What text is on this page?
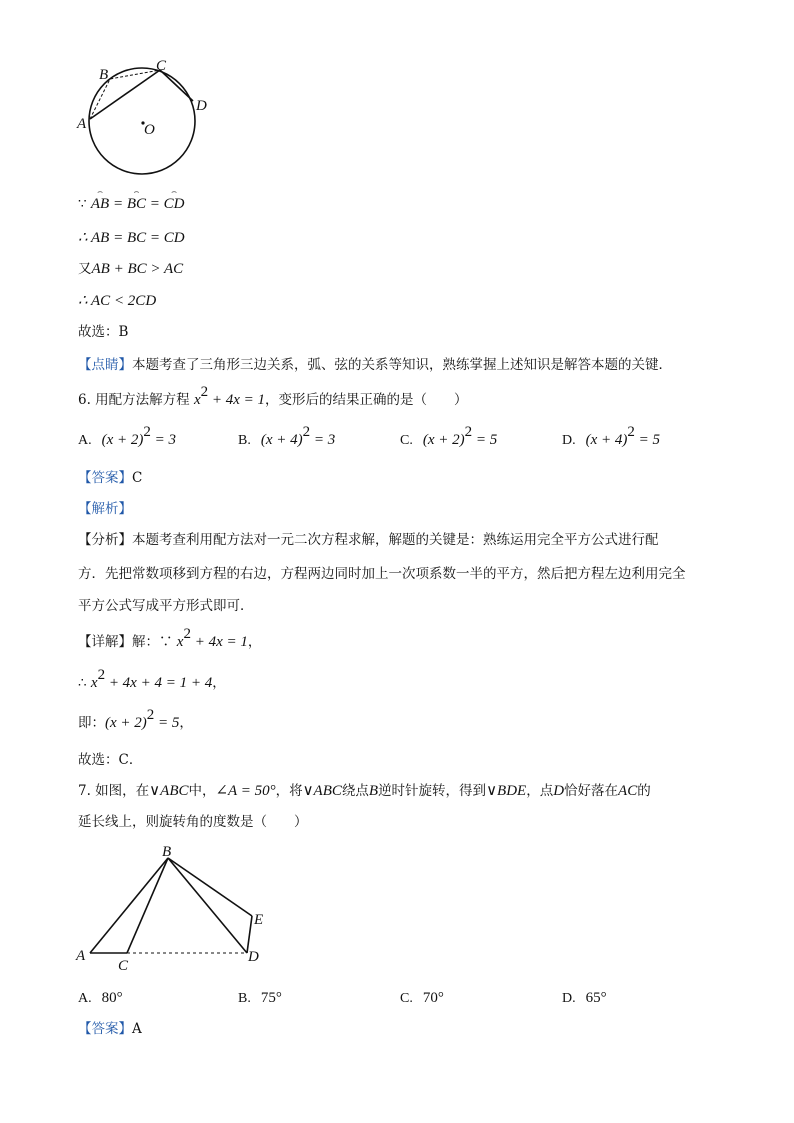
A
B
C
D
O
∵
⌢
AB =
⌢
BC =
⌢
CD
∴ AB = BC = CD
又AB + BC > AC
∴ AC < 2CD
故选：B
【点睛】本题考查了三角形三边关系，弧、弦的关系等知识，熟练掌握上述知识是解答本题的关键．
6. 用配方法解方程 $x^2 + 4x = 1$，变形后的结果正确的是（　　）
A. $(x + 2)^2 = 3$	B. $(x + 4)^2 = 3$	C. $(x + 2)^2 = 5$	D. $(x + 4)^2 = 5$
【答案】C
【解析】
【分析】本题考查利用配方法对一元二次方程求解，解题的关键是：熟练运用完全平方公式进行配
方．先把常数项移到方程的右边，方程两边同时加上一次项系数一半的平方，然后把方程左边利用完全
平方公式写成平方形式即可．
【详解】解：∵ $x^2 + 4x = 1$，
∴ $x^2 + 4x + 4 = 1 + 4$，
即：$(x + 2)^2 = 5$，
故选：C．
7. 如图，在∨ABC中，∠A = 50°，将∨ABC绕点B逆时针旋转，得到∨BDE，点D恰好落在AC的
延长线上，则旋转角的度数是（　　）
A
B
C
D
E
A. 80°	B. 75°	C. 70°	D. 65°
【答案】A
